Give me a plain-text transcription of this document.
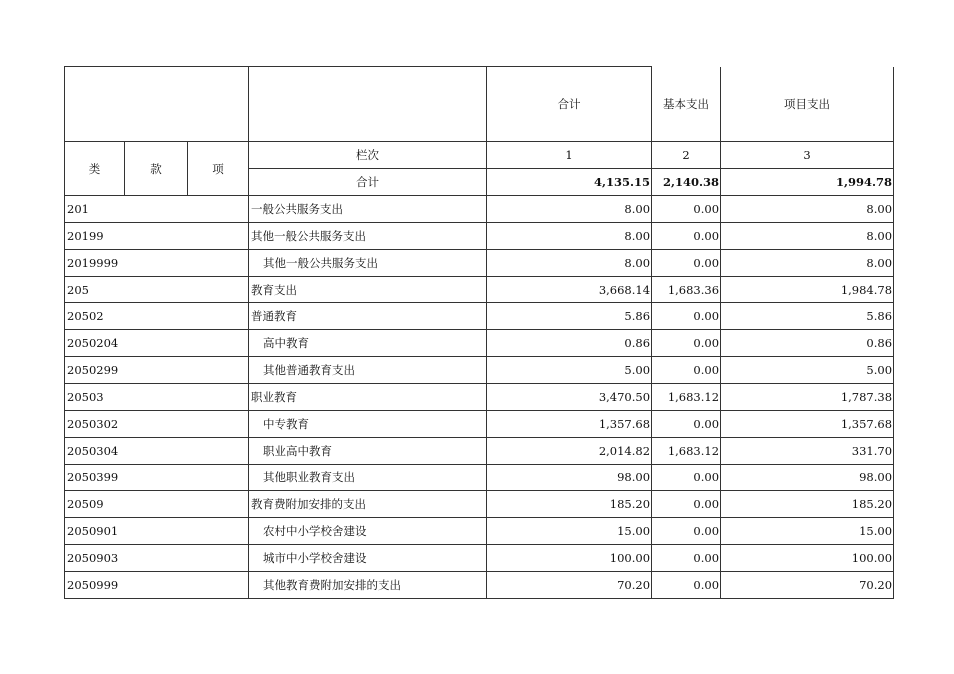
				合计	基本支出	项目支出
类	款	项	栏次	1	2	3
			合计	4,135.15	2,140.38	1,994.78
201			一般公共服务支出	8.00	0.00	8.00
20199			其他一般公共服务支出	8.00	0.00	8.00
2019999			其他一般公共服务支出	8.00	0.00	8.00
205			教育支出	3,668.14	1,683.36	1,984.78
20502			普通教育	5.86	0.00	5.86
2050204			高中教育	0.86	0.00	0.86
2050299			其他普通教育支出	5.00	0.00	5.00
20503			职业教育	3,470.50	1,683.12	1,787.38
2050302			中专教育	1,357.68	0.00	1,357.68
2050304			职业高中教育	2,014.82	1,683.12	331.70
2050399			其他职业教育支出	98.00	0.00	98.00
20509			教育费附加安排的支出	185.20	0.00	185.20
2050901			农村中小学校舍建设	15.00	0.00	15.00
2050903			城市中小学校舍建设	100.00	0.00	100.00
2050999			其他教育费附加安排的支出	70.20	0.00	70.20
